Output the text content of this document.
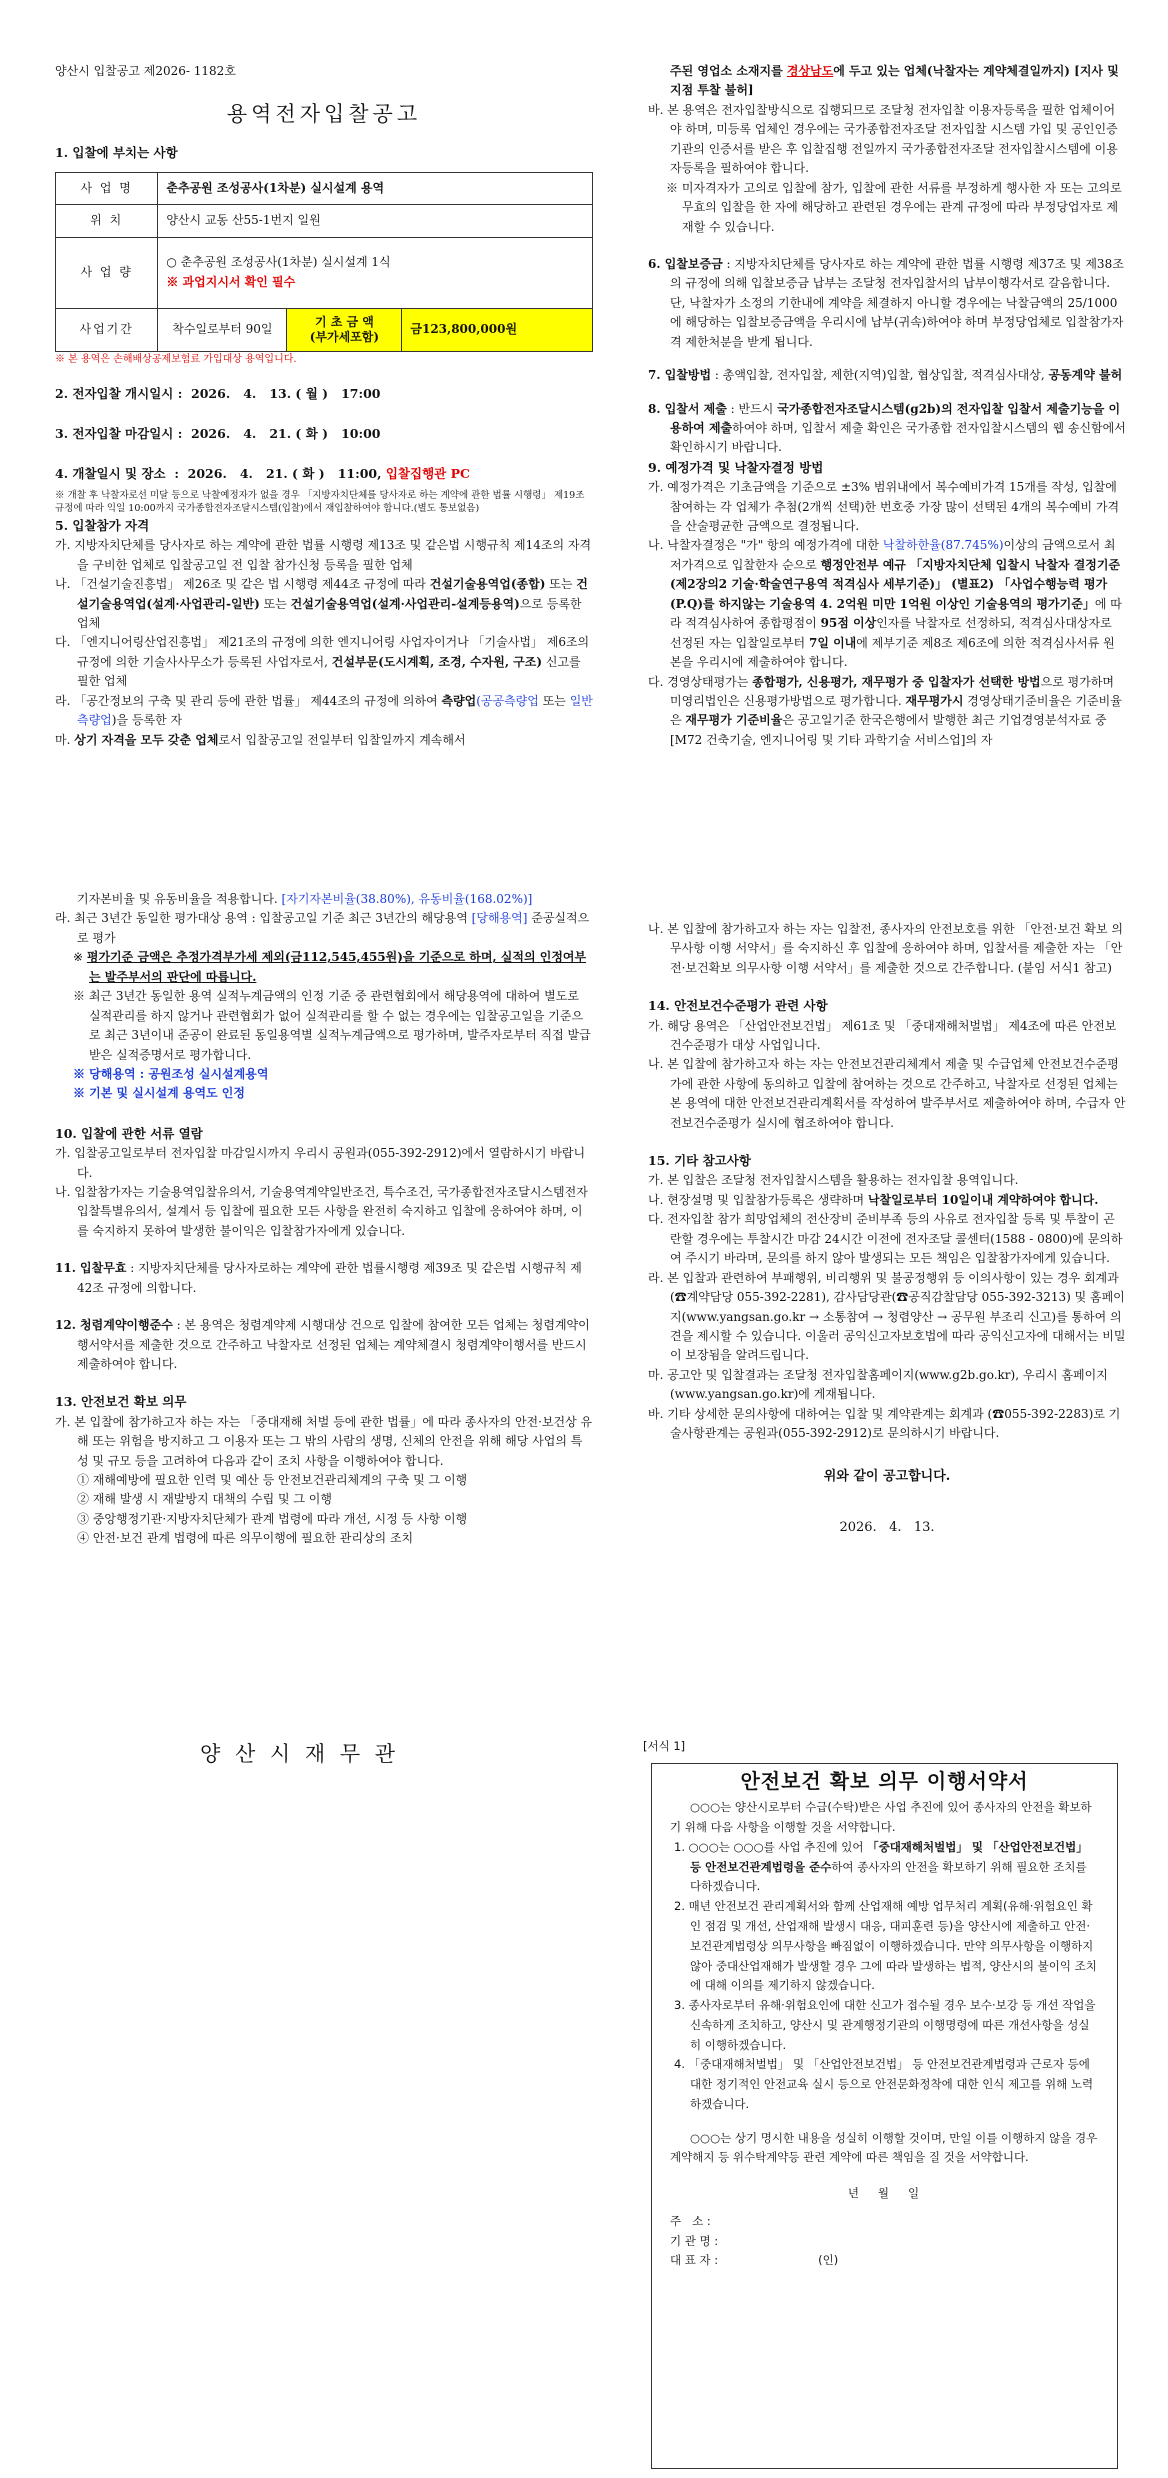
양산시 입찰공고 제2026- 1182호

용역전자입찰공고

1. 입찰에 부치는 사항

사 업 명	춘추공원 조성공사(1차분) 실시설계 용역		
위 치	양산시 교동 산55-1번지 일원		
사 업 량	○ 춘추공원 조성공사(1차분) 실시설계 1식
※ 과업지시서 확인 필수		

사업기간	착수일로부터 90일	기 초 금 액
(부가세포함)	금123,800,000원

※ 본 용역은 손해배상공제보험료 가입대상 용역입니다.

2. 전자입찰 개시일시 :  2026.   4.   13. ( 월 )   17:00

3. 전자입찰 마감일시 :  2026.   4.   21. ( 화 )   10:00

4. 개찰일시 및 장소  :  2026.   4.   21. ( 화 )   11:00, 입찰집행관 PC

※ 개찰 후 낙찰자로선 미달 등으로 낙찰예정자가 없을 경우 「지방자치단체를 당사자로 하는 계약에 관한 법률 시행령」 제19조 규정에 따라 익일 10:00까지 국가종합전자조달시스템(입찰)에서 재입찰하여야 합니다.(별도 통보없음)

5. 입찰참가 자격

가. 지방자치단체를 당사자로 하는 계약에 관한 법률 시행령 제13조 및 같은법 시행규칙 제14조의 자격을 구비한 업체로 입찰공고일 전 입찰 참가신청 등록을 필한 업체

나. 「건설기술진흥법」 제26조 및 같은 법 시행령 제44조 규정에 따라 건설기술용역업(종합) 또는 건설기술용역업(설계·사업관리-일반) 또는 건설기술용역업(설계·사업관리-설계등용역)으로 등록한 업체

다. 「엔지니어링산업진흥법」 제21조의 규정에 의한 엔지니어링 사업자이거나 「기술사법」 제6조의 규정에 의한 기술사사무소가 등록된 사업자로서, 건설부문(도시계획, 조경, 수자원, 구조) 신고를 필한 업체

라. 「공간정보의 구축 및 관리 등에 관한 법률」 제44조의 규정에 의하여 측량업(공공측량업 또는 일반측량업)을 등록한 자

마. 상기 자격을 모두 갖춘 업체로서 입찰공고일 전일부터 입찰일까지 계속해서

주된 영업소 소재지를 경상남도에 두고 있는 업체(낙찰자는 계약체결일까지) [지사 및 지점 투찰 불허]

바. 본 용역은 전자입찰방식으로 집행되므로 조달청 전자입찰 이용자등록을 필한 업체이어야 하며, 미등록 업체인 경우에는 국가종합전자조달 전자입찰 시스템 가입 및 공인인증기관의 인증서를 받은 후 입찰집행 전일까지 국가종합전자조달 전자입찰시스템에 이용자등록을 필하여야 합니다.

※ 미자격자가 고의로 입찰에 참가, 입찰에 관한 서류를 부정하게 행사한 자 또는 고의로 무효의 입찰을 한 자에 해당하고 관련된 경우에는 관계 규정에 따라 부정당업자로 제재할 수 있습니다.

6. 입찰보증금 : 지방자치단체를 당사자로 하는 계약에 관한 법률 시행령 제37조 및 제38조의 규정에 의해 입찰보증금 납부는 조달청 전자입찰서의 납부이행각서로 갈음합니다. 단, 낙찰자가 소정의 기한내에 계약을 체결하지 아니할 경우에는 낙찰금액의 25/1000에 해당하는 입찰보증금액을 우리시에 납부(귀속)하여야 하며 부정당업체로 입찰참가자격 제한처분을 받게 됩니다.

7. 입찰방법 : 총액입찰, 전자입찰, 제한(지역)입찰, 협상입찰, 적격심사대상, 공동계약 불허

8. 입찰서 제출 : 반드시 국가종합전자조달시스템(g2b)의 전자입찰 입찰서 제출기능을 이용하여 제출하여야 하며, 입찰서 제출 확인은 국가종합 전자입찰시스템의 웹 송신함에서 확인하시기 바랍니다.

9. 예정가격 및 낙찰자결정 방법

가. 예정가격은 기초금액을 기준으로 ±3% 범위내에서 복수예비가격 15개를 작성, 입찰에 참여하는 각 업체가 추첨(2개씩 선택)한 번호중 가장 많이 선택된 4개의 복수예비 가격을 산술평균한 금액으로 결정됩니다.

나. 낙찰자결정은 "가" 항의 예정가격에 대한 낙찰하한율(87.745%)이상의 금액으로서 최저가격으로 입찰한자 순으로 행정안전부 예규 「지방자치단체 입찰시 낙찰자 결정기준(제2장의2 기술·학술연구용역 적격심사 세부기준)」 (별표2) 「사업수행능력 평가(P.Q)를 하지않는 기술용역 4. 2억원 미만 1억원 이상인 기술용역의 평가기준」에 따라 적격심사하여 종합평점이 95점 이상인자를 낙찰자로 선정하되, 적격심사대상자로 선정된 자는 입찰일로부터 7일 이내에 제부기준 제8조 제6조에 의한 적격심사서류 원본을 우리시에 제출하여야 합니다.

다. 경영상태평가는 종합평가, 신용평가, 재무평가 중 입찰자가 선택한 방법으로 평가하며 미영리법인은 신용평가방법으로 평가합니다. 재무평가시 경영상태기준비율은 기준비율은 재무평가 기준비율은 공고일기준 한국은행에서 발행한 최근 기업경영분석자료 중 [M72 건축기술, 엔지니어링 및 기타 과학기술 서비스업]의 자

기자본비율 및 유동비율을 적용합니다. [자기자본비율(38.80%), 유동비율(168.02%)]

라. 최근 3년간 동일한 평가대상 용역 : 입찰공고일 기준 최근 3년간의 해당용역 [당해용역] 준공실적으로 평가

※ 평가기준 금액은 추정가격부가세 제외(금112,545,455원)을 기준으로 하며, 실적의 인정여부는 발주부서의 판단에 따릅니다.

※ 최근 3년간 동일한 용역 실적누계금액의 인정 기준 중 관련협회에서 해당용역에 대하여 별도로 실적관리를 하지 않거나 관련협회가 없어 실적관리를 할 수 없는 경우에는 입찰공고일을 기준으로 최근 3년이내 준공이 완료된 동일용역별 실적누계금액으로 평가하며, 발주자로부터 직접 발급받은 실적증명서로 평가합니다.

※ 당해용역 : 공원조성 실시설계용역

※ 기본 및 실시설계 용역도 인정

10. 입찰에 관한 서류 열람

가. 입찰공고일로부터 전자입찰 마감일시까지 우리시 공원과(055-392-2912)에서 열람하시기 바랍니다.

나. 입찰참가자는 기술용역입찰유의서, 기술용역계약일반조건, 특수조건, 국가종합전자조달시스템전자입찰특별유의서, 설계서 등 입찰에 필요한 모든 사항을 완전히 숙지하고 입찰에 응하여야 하며, 이를 숙지하지 못하여 발생한 불이익은 입찰참가자에게 있습니다.

11. 입찰무효 : 지방자치단체를 당사자로하는 계약에 관한 법률시행령 제39조 및 같은법 시행규칙 제42조 규정에 의합니다.

12. 청렴계약이행준수 : 본 용역은 청렴계약제 시행대상 건으로 입찰에 참여한 모든 업체는 청렴계약이행서약서를 제출한 것으로 간주하고 낙찰자로 선정된 업체는 계약체결시 청렴계약이행서를 반드시 제출하여야 합니다.

13. 안전보건 확보 의무

가. 본 입찰에 참가하고자 하는 자는 「중대재해 처벌 등에 관한 법률」에 따라 종사자의 안전·보건상 유해 또는 위험을 방지하고 그 이용자 또는 그 밖의 사람의 생명, 신체의 안전을 위해 해당 사업의 특성 및 규모 등을 고려하여 다음과 같이 조치 사항을 이행하여야 합니다.

① 재해예방에 필요한 인력 및 예산 등 안전보건관리체계의 구축 및 그 이행

② 재해 발생 시 재발방지 대책의 수립 및 그 이행

③ 중앙행정기관·지방자치단체가 관계 법령에 따라 개선, 시정 등 사항 이행

④ 안전·보건 관계 법령에 따른 의무이행에 필요한 관리상의 조치

나. 본 입찰에 참가하고자 하는 자는 입찰전, 종사자의 안전보호를 위한 「안전·보건 확보 의무사항 이행 서약서」를 숙지하신 후 입찰에 응하여야 하며, 입찰서를 제출한 자는 「안전·보건확보 의무사항 이행 서약서」를 제출한 것으로 간주합니다. (붙임 서식1 참고)

14. 안전보건수준평가 관련 사항

가. 해당 용역은 「산업안전보건법」 제61조 및 「중대재해처벌법」 제4조에 따른 안전보건수준평가 대상 사업입니다.

나. 본 입찰에 참가하고자 하는 자는 안전보건관리체계서 제출 및 수급업체 안전보건수준평가에 관한 사항에 동의하고 입찰에 참여하는 것으로 간주하고, 낙찰자로 선정된 업체는 본 용역에 대한 안전보건관리계획서를 작성하여 발주부서로 제출하여야 하며, 수급자 안전보건수준평가 실시에 협조하여야 합니다.

15. 기타 참고사항

가. 본 입찰은 조달청 전자입찰시스템을 활용하는 전자입찰 용역입니다.

나. 현장설명 및 입찰참가등록은 생략하며 낙찰일로부터 10일이내 계약하여야 합니다.

다. 전자입찰 참가 희망업체의 전산장비 준비부족 등의 사유로 전자입찰 등록 및 투찰이 곤란할 경우에는 투찰시간 마감 24시간 이전에 전자조달 콜센터(1588 - 0800)에 문의하여 주시기 바라며, 문의를 하지 않아 발생되는 모든 책임은 입찰참가자에게 있습니다.

라. 본 입찰과 관련하여 부패행위, 비리행위 및 불공정행위 등 이의사항이 있는 경우 회계과(☎계약담당 055-392-2281), 감사담당관(☎공직감찰담당 055-392-3213) 및 홈페이지(www.yangsan.go.kr → 소통참여 → 청렴양산 → 공무원 부조리 신고)를 통하여 의견을 제시할 수 있습니다. 이울러 공익신고자보호법에 따라 공익신고자에 대해서는 비밀이 보장됨을 알려드립니다.

마. 공고안 및 입찰결과는 조달청 전자입찰홈페이지(www.g2b.go.kr), 우리시 홈페이지(www.yangsan.go.kr)에 게재됩니다.

바. 기타 상세한 문의사항에 대하여는 입찰 및 계약관계는 회계과 (☎055-392-2283)로 기술사항관계는 공원과(055-392-2912)로 문의하시기 바랍니다.

위와 같이 공고합니다.

2026.   4.   13.

양 산 시 재 무 관	[서식 1]

안전보건 확보 의무 이행서약서

○○○는 양산시로부터 수급(수탁)받은 사업 추진에 있어 종사자의 안전을 확보하기 위해 다음 사항을 이행할 것을 서약합니다.

1. ○○○는 ○○○를 사업 추진에 있어 「중대재해처벌법」 및 「산업안전보건법」 등 안전보건관계법령을 준수하여 종사자의 안전을 확보하기 위해 필요한 조치를 다하겠습니다.

2. 매년 안전보건 관리계획서와 함께 산업재해 예방 업무처리 계획(유해·위험요인 확인 점검 및 개선, 산업재해 발생시 대응, 대피훈련 등)을 양산시에 제출하고 안전·보건관계법령상 의무사항을 빠짐없이 이행하겠습니다. 만약 의무사항을 이행하지 않아 중대산업재해가 발생할 경우 그에 따라 발생하는 법적, 양산시의 불이익 조치에 대해 이의를 제기하지 않겠습니다.

3. 종사자로부터 유해·위험요인에 대한 신고가 접수될 경우 보수·보강 등 개선 작업을 신속하게 조치하고, 양산시 및 관계행정기관의 이행명령에 따른 개선사항을 성실히 이행하겠습니다.

4. 「중대재해처벌법」 및 「산업안전보건법」 등 안전보건관계법령과 근로자 등에 대한 정기적인 안전교육 실시 등으로 안전문화정착에 대한 인식 제고를 위해 노력하겠습니다.

○○○는 상기 명시한 내용을 성실히 이행할 것이며, 만일 이를 이행하지 않을 경우 계약해지 등 위수탁계약등 관련 계약에 따른 책임을 질 것을 서약합니다.

년   월   일

주   소 :
기 관 명 :
대 표 자 :	(인)
